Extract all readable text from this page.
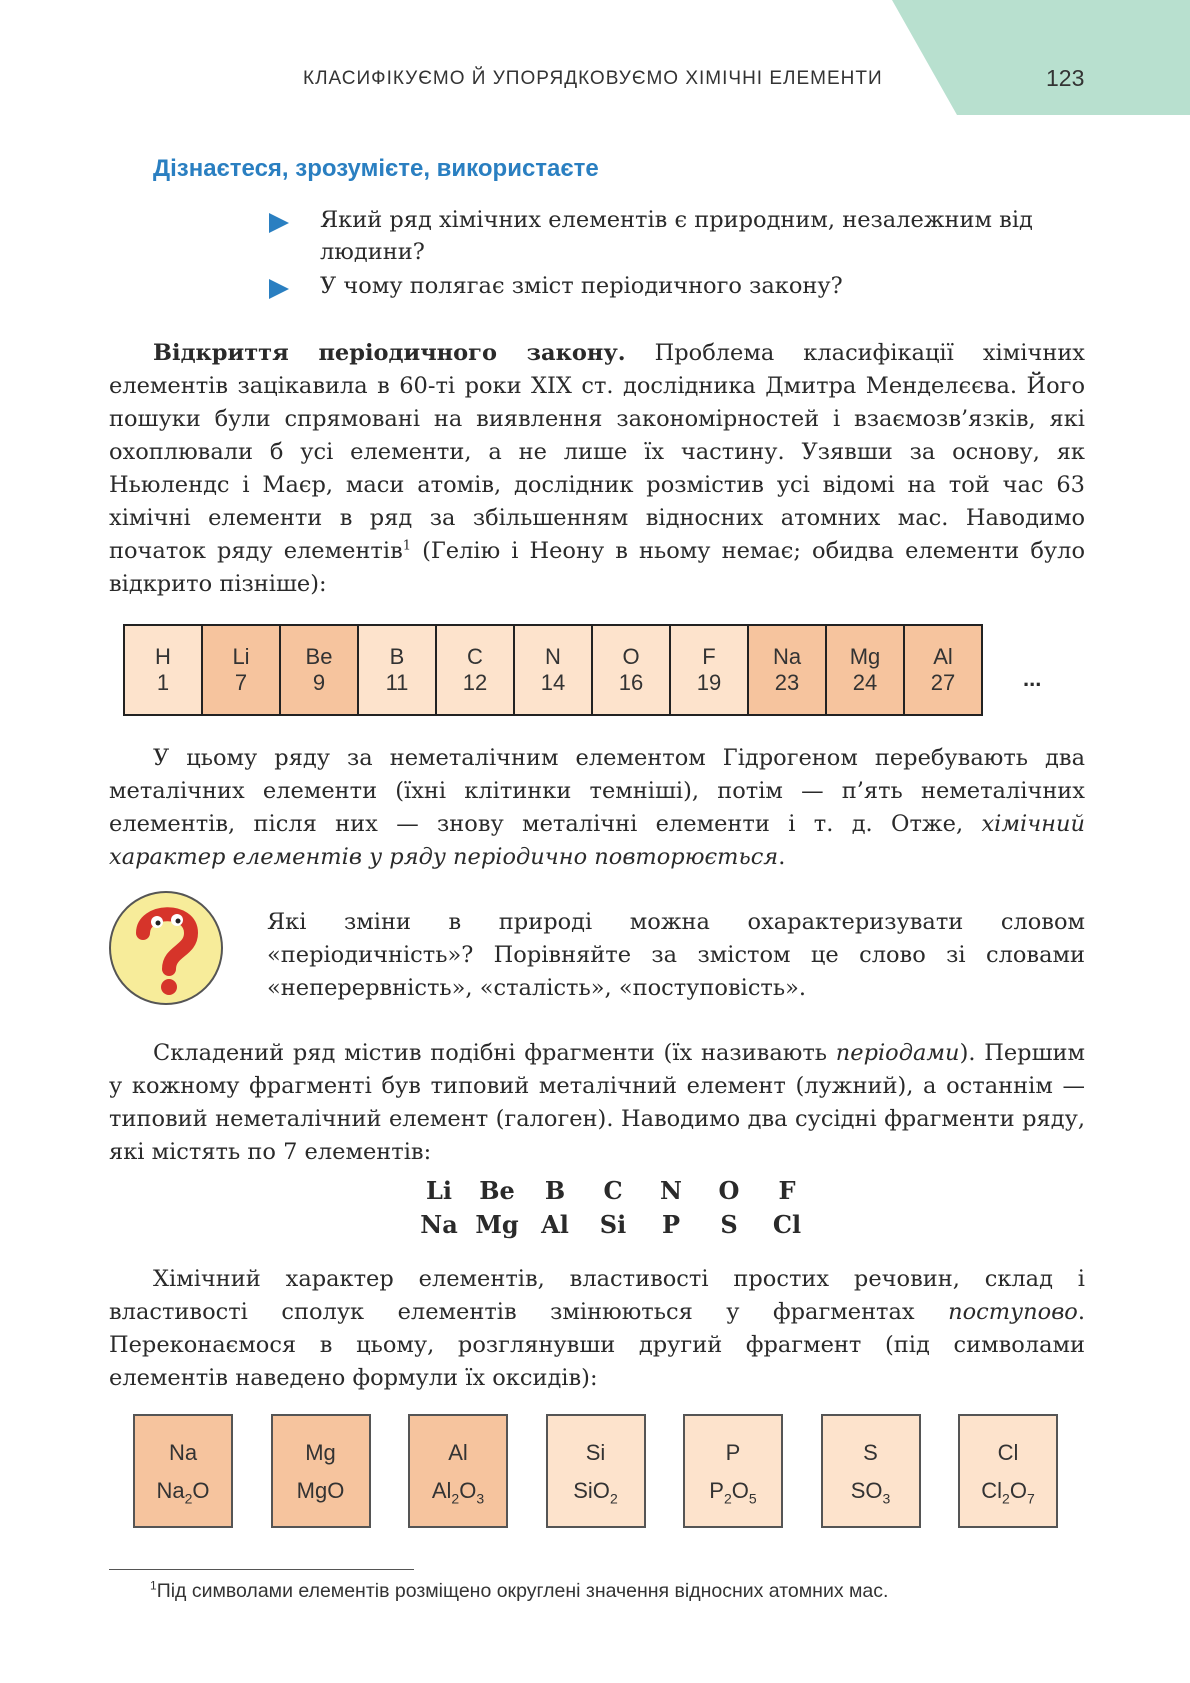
КЛАСИФІКУЄМО Й УПОРЯДКОВУЄМО ХІМІЧНІ ЕЛЕМЕНТИ	123
Дізнаєтеся, зрозумієте, використаєте
Який ряд хімічних елементів є природним, незалежним від людини?
У чому полягає зміст періодичного закону?

Відкриття періодичного закону. Проблема класифікації хімічних елементів зацікавила в 60-ті роки XIX ст. дослідника Дмитра Менделєєва. Його пошуки були спрямовані на виявлення закономірностей і взаємозв’язків, які охоплювали б усі елементи, а не лише їх частину. Узявши за основу, як Ньюлендс і Маєр, маси атомів, дослідник розмістив усі відомі на той час 63 хімічні елементи в ряд за збільшенням відносних атомних мас. Наводимо початок ряду елементів$^1$ (Гелію і Неону в ньому немає; обидва елементи було відкрито пізніше):

H	Li	Be	B	C	N	O	F	Na	Mg	Al
1	7	9	11	12	14	16	19	23	24	27	...

У цьому ряду за неметалічним елементом Гідрогеном перебувають два металічних елементи (їхні клітинки темніші), потім — п’ять неметалічних елементів, після них — знову металічні елементи і т. д. Отже, хімічний характер елементів у ряду періодично повторюється.

Які зміни в природі можна охарактеризувати словом «періодичність»? Порівняйте за змістом це слово зі словами «неперервність», «сталість», «поступовість».

Складений ряд містив подібні фрагменти (їх називають періодами). Першим у кожному фрагменті був типовий металічний елемент (лужний), а останнім — типовий неметалічний елемент (галоген). Наводимо два сусідні фрагменти ряду, які містять по 7 елементів:

Li	Be	B	C	N	O	F
Na	Mg	Al	Si	P	S	Cl

Хімічний характер елементів, властивості простих речовин, склад і властивості сполук елементів змінюються у фрагментах поступово. Переконаємося в цьому, розглянувши другий фрагмент (під символами елементів наведено формули їх оксидів):

Na
$Na_2O$
Mg
MgO
Al
$Al_2O_3$
Si
SiO$_2$
P
$P_2O_5$
S
$SO_3$
Cl
$Cl_2O_7$
$^1$Під символами елементів розміщено округлені значення відносних атомних мас.
